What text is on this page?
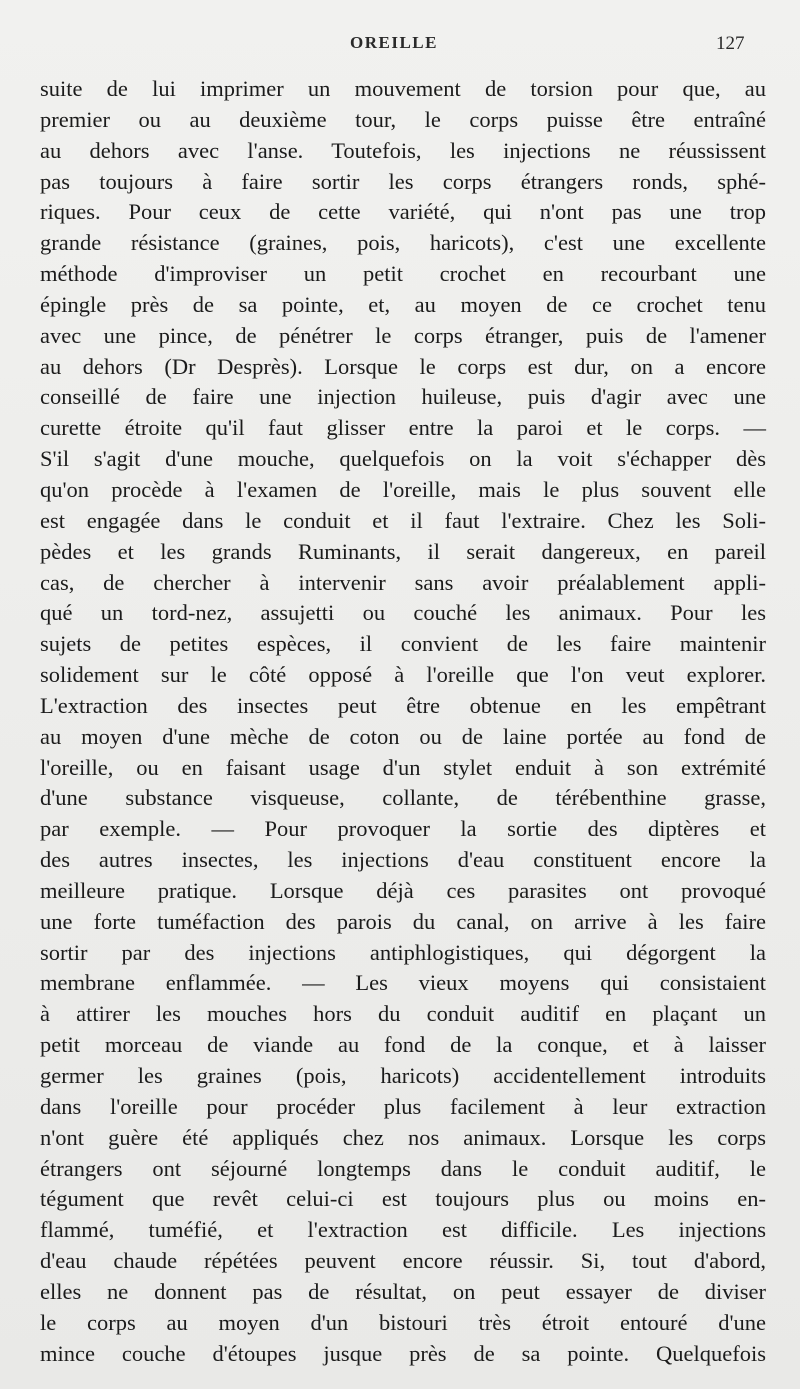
OREILLE	127
suite de lui imprimer un mouvement de torsion pour que, au
premier ou au deuxième tour, le corps puisse être entraîné
au dehors avec l'anse. Toutefois, les injections ne réussissent
pas toujours à faire sortir les corps étrangers ronds, sphé-
riques. Pour ceux de cette variété, qui n'ont pas une trop
grande résistance (graines, pois, haricots), c'est une excellente
méthode d'improviser un petit crochet en recourbant une
épingle près de sa pointe, et, au moyen de ce crochet tenu
avec une pince, de pénétrer le corps étranger, puis de l'amener
au dehors (Dr Desprès). Lorsque le corps est dur, on a encore
conseillé de faire une injection huileuse, puis d'agir avec une
curette étroite qu'il faut glisser entre la paroi et le corps. —
S'il s'agit d'une mouche, quelquefois on la voit s'échapper dès
qu'on procède à l'examen de l'oreille, mais le plus souvent elle
est engagée dans le conduit et il faut l'extraire. Chez les Soli-
pèdes et les grands Ruminants, il serait dangereux, en pareil
cas, de chercher à intervenir sans avoir préalablement appli-
qué un tord-nez, assujetti ou couché les animaux. Pour les
sujets de petites espèces, il convient de les faire maintenir
solidement sur le côté opposé à l'oreille que l'on veut explorer.
L'extraction des insectes peut être obtenue en les empêtrant
au moyen d'une mèche de coton ou de laine portée au fond de
l'oreille, ou en faisant usage d'un stylet enduit à son extrémité
d'une substance visqueuse, collante, de térébenthine grasse,
par exemple. — Pour provoquer la sortie des diptères et
des autres insectes, les injections d'eau constituent encore la
meilleure pratique. Lorsque déjà ces parasites ont provoqué
une forte tuméfaction des parois du canal, on arrive à les faire
sortir par des injections antiphlogistiques, qui dégorgent la
membrane enflammée. — Les vieux moyens qui consistaient
à attirer les mouches hors du conduit auditif en plaçant un
petit morceau de viande au fond de la conque, et à laisser
germer les graines (pois, haricots) accidentellement introduits
dans l'oreille pour procéder plus facilement à leur extraction
n'ont guère été appliqués chez nos animaux. Lorsque les corps
étrangers ont séjourné longtemps dans le conduit auditif, le
tégument que revêt celui-ci est toujours plus ou moins en-
flammé, tuméfié, et l'extraction est difficile. Les injections
d'eau chaude répétées peuvent encore réussir. Si, tout d'abord,
elles ne donnent pas de résultat, on peut essayer de diviser
le corps au moyen d'un bistouri très étroit entouré d'une
mince couche d'étoupes jusque près de sa pointe. Quelquefois
